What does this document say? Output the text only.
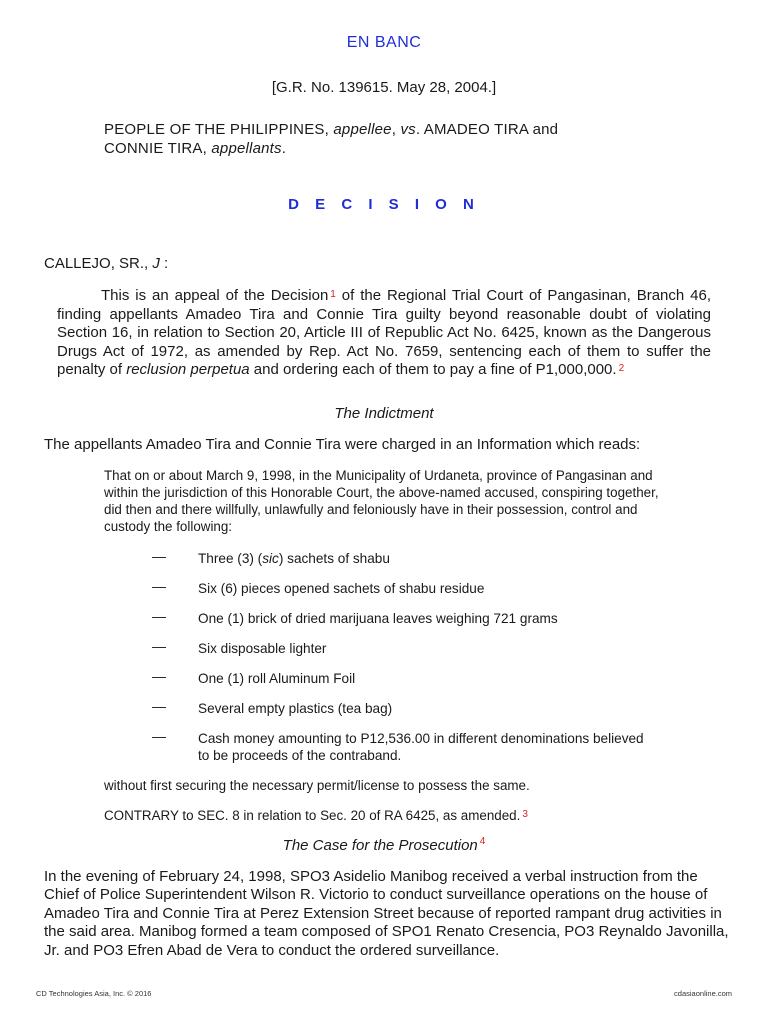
EN BANC
[G.R. No. 139615. May 28, 2004.]
PEOPLE OF THE PHILIPPINES, appellee, vs. AMADEO TIRA and
CONNIE TIRA, appellants.
D E C I S I O N
CALLEJO, SR., J :
This is an appeal of the Decision $^1$ of the Regional Trial Court of Pangasinan, Branch 46, finding appellants Amadeo Tira and Connie Tira guilty beyond reasonable doubt of violating Section 16, in relation to Section 20, Article III of Republic Act No. 6425, known as the Dangerous Drugs Act of 1972, as amended by Rep. Act No. 7659, sentencing each of them to suffer the penalty of reclusion perpetua and ordering each of them to pay a fine of P1,000,000. $^2$
The Indictment
The appellants Amadeo Tira and Connie Tira were charged in an Information which reads:
That on or about March 9, 1998, in the Municipality of Urdaneta, province of Pangasinan and within the jurisdiction of this Honorable Court, the above-named accused, conspiring together, did then and there willfully, unlawfully and feloniously have in their possession, control and custody the following:
— Three (3) (sic) sachets of shabu
— Six (6) pieces opened sachets of shabu residue
— One (1) brick of dried marijuana leaves weighing 721 grams
— Six disposable lighter
— One (1) roll Aluminum Foil
— Several empty plastics (tea bag)
— Cash money amounting to P12,536.00 in different denominations believed to be proceeds of the contraband.
without first securing the necessary permit/license to possess the same.
CONTRARY to SEC. 8 in relation to Sec. 20 of RA 6425, as amended. $^3$
The Case for the Prosecution $^4$
In the evening of February 24, 1998, SPO3 Asidelio Manibog received a verbal instruction from the Chief of Police Superintendent Wilson R. Victorio to conduct surveillance operations on the house of Amadeo Tira and Connie Tira at Perez Extension Street because of reported rampant drug activities in the said area. Manibog formed a team composed of SPO1 Renato Cresencia, PO3 Reynaldo Javonilla, Jr. and PO3 Efren Abad de Vera to conduct the ordered surveillance.
CD Technologies Asia, Inc. © 2016	cdasiaonline.com
